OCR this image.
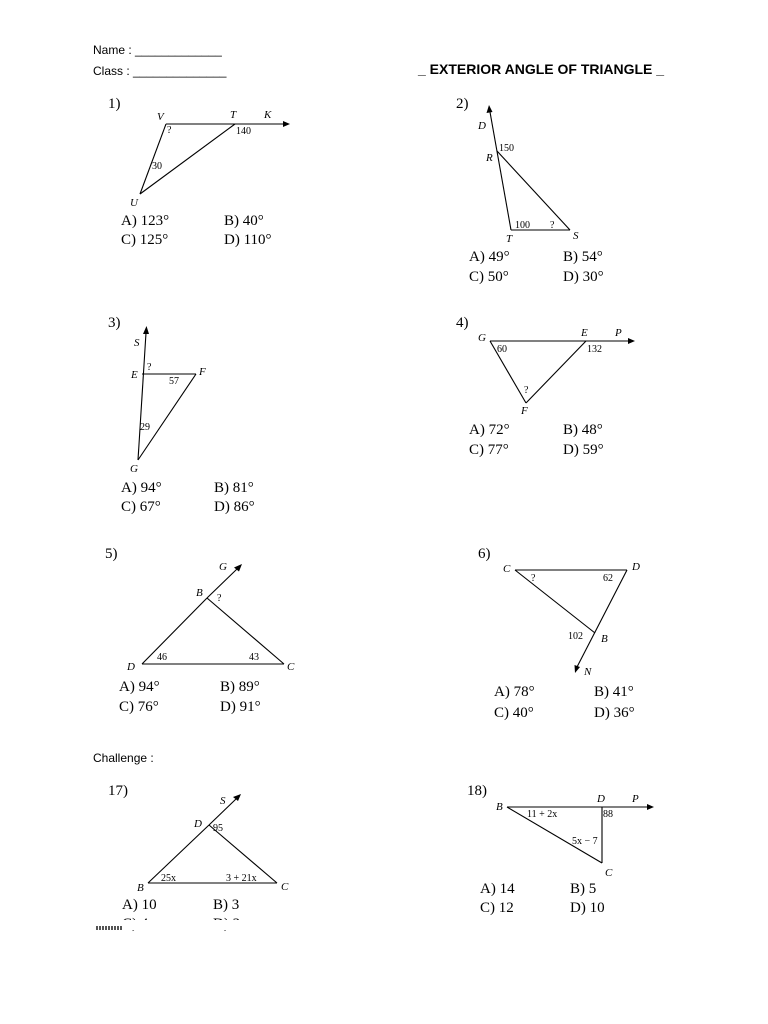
Name : _____________
Class : ______________	_ EXTERIOR ANGLE OF TRIANGLE _
1)
V	T	K
U
?	140
30
A) 123°	B) 40°
C) 125°	D) 110°
2)
D
R
T	S
150
100 ?
A) 49°	B) 54°
C) 50°	D) 30°
3)
S
E	F
G
?
57
29
A) 94°	B) 81°
C) 67°	D) 86°
4)
G	E P
F
60	132
?
A) 72°	B) 48°
C) 77°	D) 59°
5)
G
B
D	C
?
46	43
A) 94°	B) 89°
C) 76°	D) 91°
6)
C	D
B
N
?	62
102
A) 78°	B) 41°
C) 40°	D) 36°
Challenge :
17)
S
D
B	C
95
25x	3 + 21x
A) 10	B) 3
18)
B
D P
C
11 + 2x	88
5x − 7
A) 14	B) 5
C) 12	D) 10
